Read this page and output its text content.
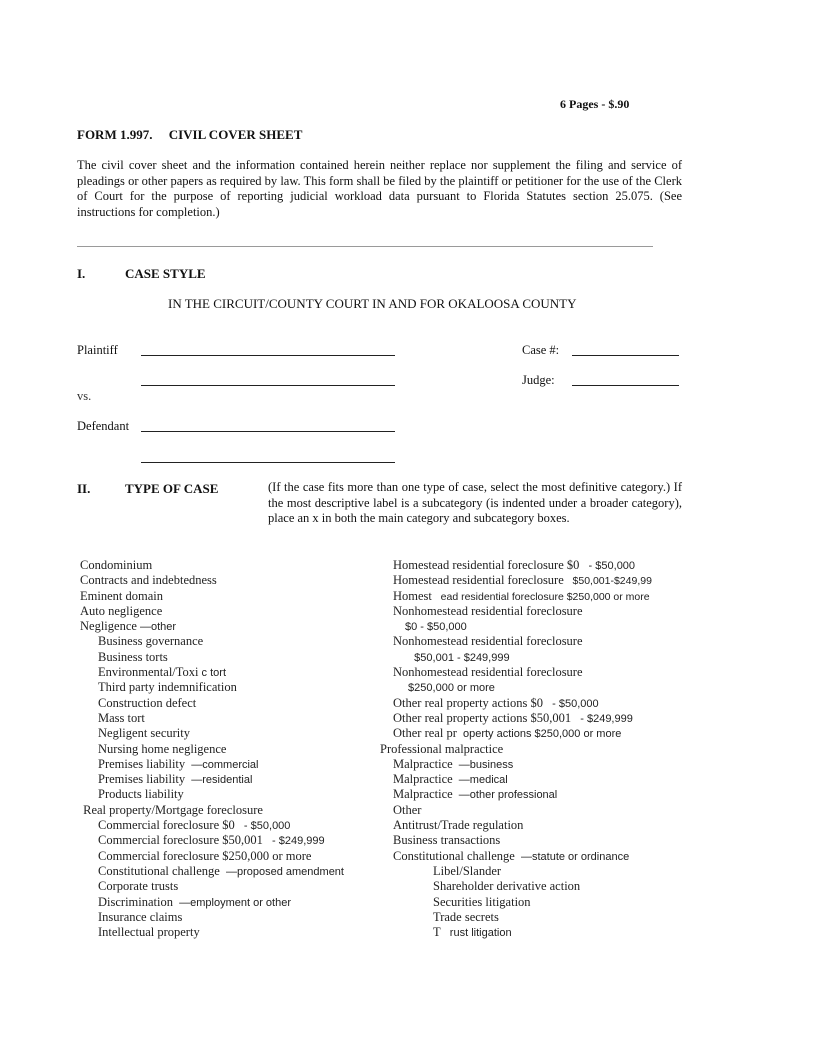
6 Pages - $.90
FORM 1.997.     CIVIL COVER SHEET
The civil cover sheet and the information contained herein neither replace nor supplement the filing and service of pleadings or other papers as required by law. This form shall be filed by the plaintiff or petitioner for the use of the Clerk of Court for the purpose of reporting judicial workload data pursuant to Florida Statutes section 25.075. (See instructions for completion.)
I.	CASE STYLE
IN THE CIRCUIT/COUNTY COURT IN AND FOR OKALOOSA COUNTY
Plaintiff	Case #:
Judge:
vs.
Defendant
II.	TYPE OF CASE	(If the case fits more than one type of case, select the most definitive category.) If the most descriptive label is a subcategory (is indented under a broader category), place an x in both the main category and subcategory boxes.
Condominium
Contracts and indebtedness
Eminent domain
Auto negligence
Negligence —other
Business governance
Business torts
Environmental/Toxi c tort
Third party indemnification
Construction defect
Mass tort
Negligent security
Nursing home negligence
Premises liability  —commercial
Premises liability  —residential
Products liability
Real property/Mortgage foreclosure
Commercial foreclosure $0   - $50,000
Commercial foreclosure $50,001   - $249,999
Commercial foreclosure $250,000 or more
Constitutional challenge  —proposed amendment
Corporate trusts
Discrimination  —employment or other
Insurance claims
Intellectual property
Homestead residential foreclosure $0   - $50,000
Homestead residential foreclosure   $50,001-$249,99
Homest   ead residential foreclosure $250,000 or more
Nonhomestead residential foreclosure
$0 - $50,000
Nonhomestead residential foreclosure
$50,001 - $249,999
Nonhomestead residential foreclosure
$250,000 or more
Other real property actions $0   - $50,000
Other real property actions $50,001   - $249,999
Other real pr  operty actions $250,000 or more
Professional malpractice
Malpractice  —business
Malpractice  —medical
Malpractice  —other professional
Other
Antitrust/Trade regulation
Business transactions
Constitutional challenge  —statute or ordinance
Libel/Slander
Shareholder derivative action
Securities litigation
Trade secrets
T   rust litigation
